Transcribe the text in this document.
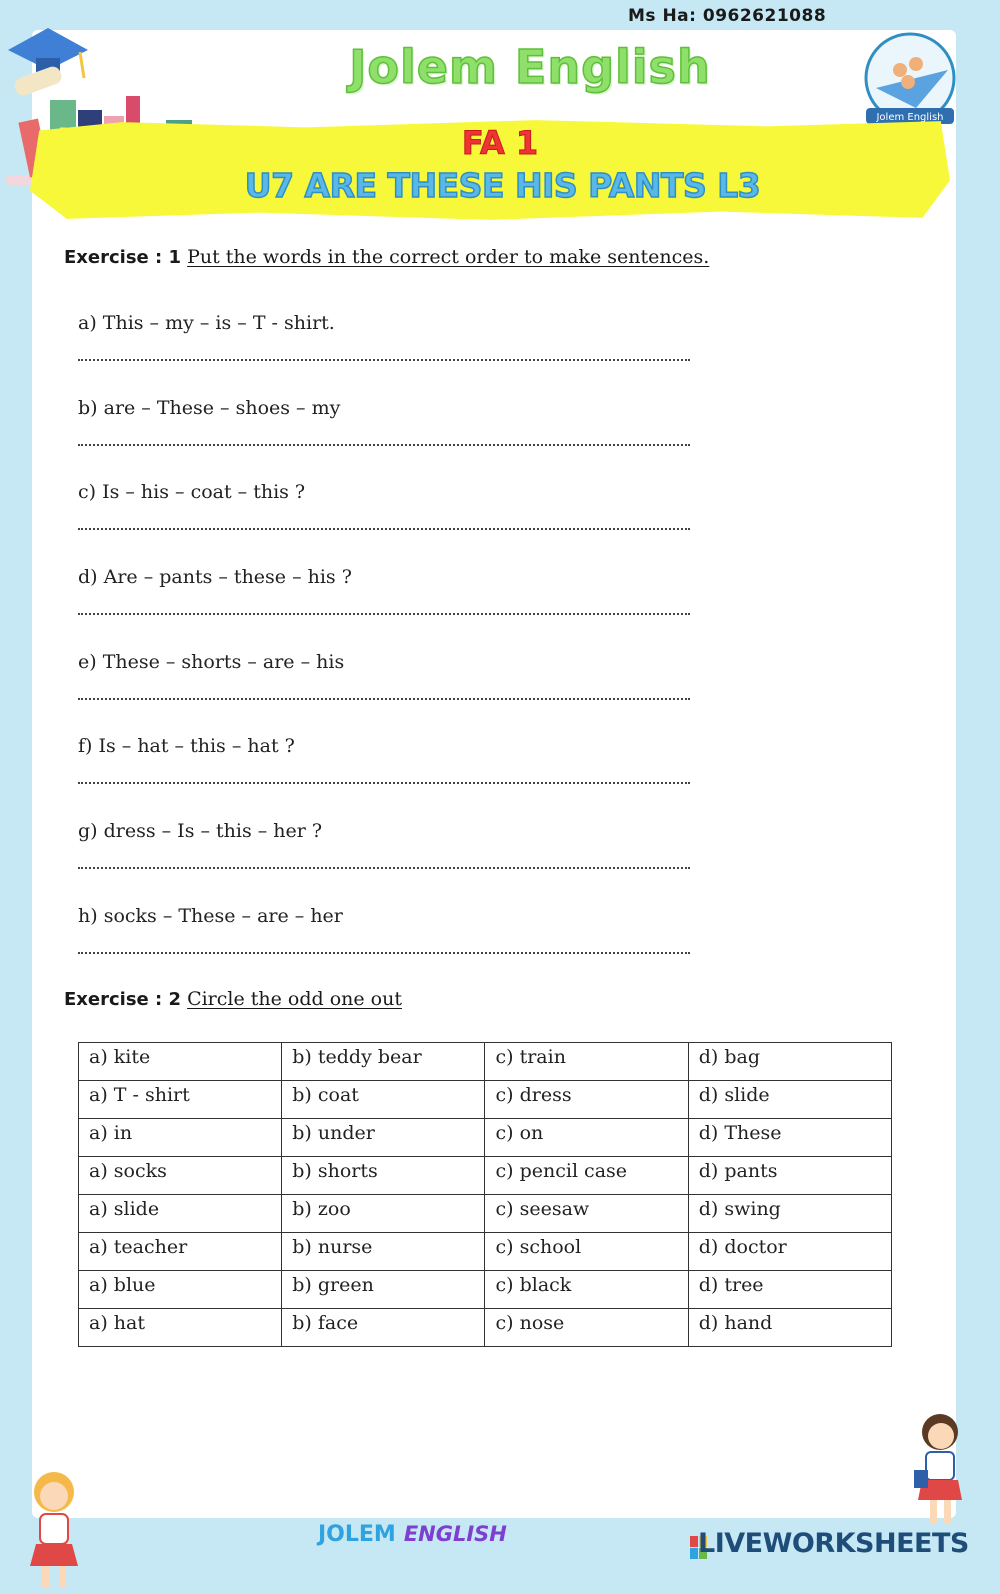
Ms Ha: 0962621088
Jolem English
Jolem English
FA 1
U7 ARE THESE HIS PANTS L3
Exercise : 1 Put the words in the correct order to make sentences.
a) This – my – is – T - shirt.
b) are – These – shoes – my
c) Is – his – coat – this ?
d) Are – pants – these – his ?
e) These – shorts – are – his
f) Is – hat – this – hat ?
g) dress – Is – this – her ?
h) socks – These – are – her
Exercise : 2 Circle the odd one out
a) kite	b) teddy bear	c) train	d) bag
a) T - shirt	b) coat	c) dress	d) slide
a) in	b) under	c) on	d) These
a) socks	b) shorts	c) pencil case	d) pants
a) slide	b) zoo	c) seesaw	d) swing
a) teacher	b) nurse	c) school	d) doctor
a) blue	b) green	c) black	d) tree
a) hat	b) face	c) nose	d) hand
JOLEM ENGLISH	LIVEWORKSHEETS
